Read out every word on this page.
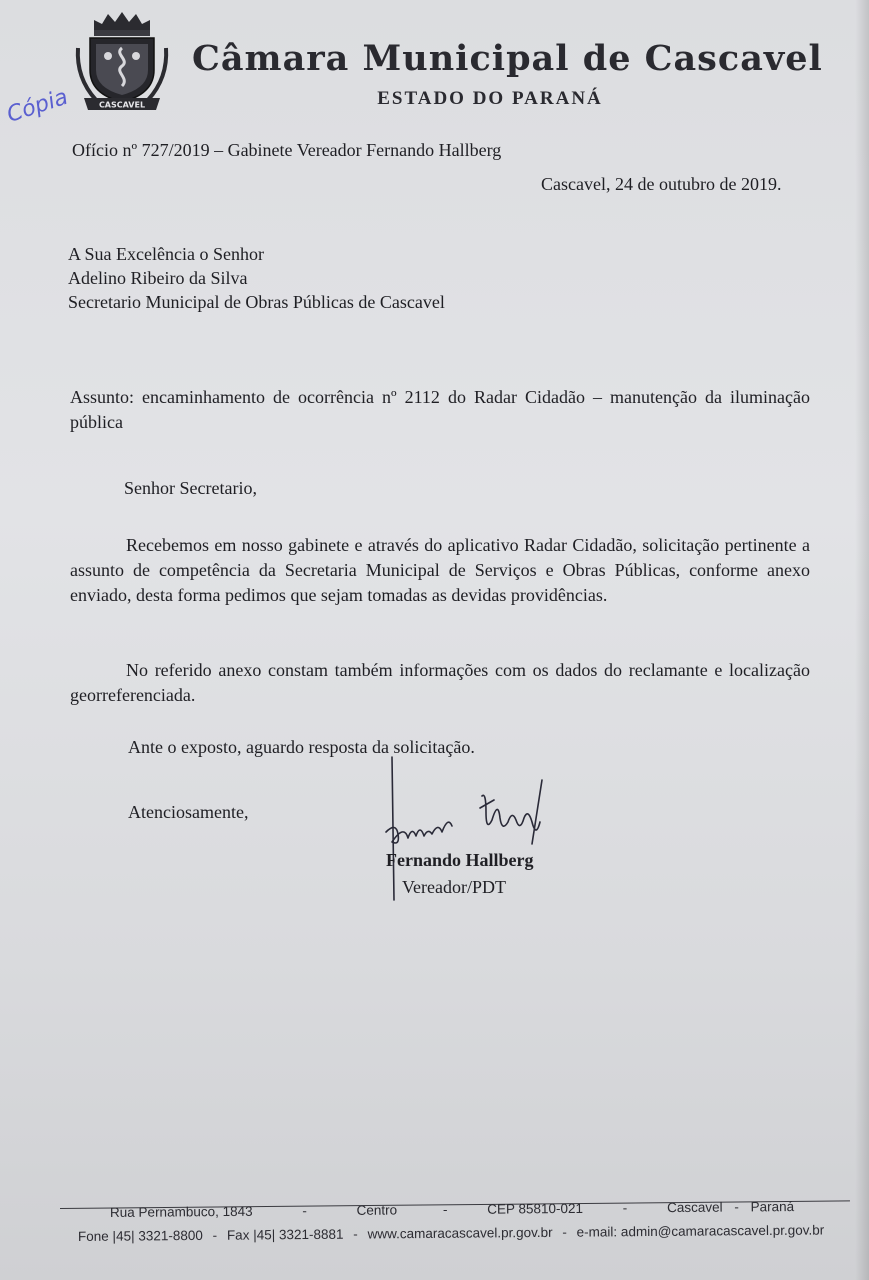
CASCAVEL
Câmara Municipal de Cascavel
ESTADO DO PARANÁ
Cópia
Ofício nº 727/2019 – Gabinete Vereador Fernando Hallberg
Cascavel, 24 de outubro de 2019.
A Sua Excelência o Senhor
Adelino Ribeiro da Silva
Secretario Municipal de Obras Públicas de Cascavel
Assunto: encaminhamento de ocorrência nº 2112 do Radar Cidadão – manutenção da iluminação pública
Senhor Secretario,
Recebemos em nosso gabinete e através do aplicativo Radar Cidadão, solicitação pertinente a assunto de competência da Secretaria Municipal de Serviços e Obras Públicas, conforme anexo enviado, desta forma pedimos que sejam tomadas as devidas providências.
No referido anexo constam também informações com os dados do reclamante e localização georreferenciada.
Ante o exposto, aguardo resposta da solicitação.
Atenciosamente,
Fernando Hallberg
Vereador/PDT
Rua Pernambuco, 1843	-	Centro	-	CEP 85810-021	-	Cascavel - Paraná
Fone |45| 3321-8800 - Fax |45| 3321-8881 - www.camaracascavel.pr.gov.br - e-mail: admin@camaracascavel.pr.gov.br
